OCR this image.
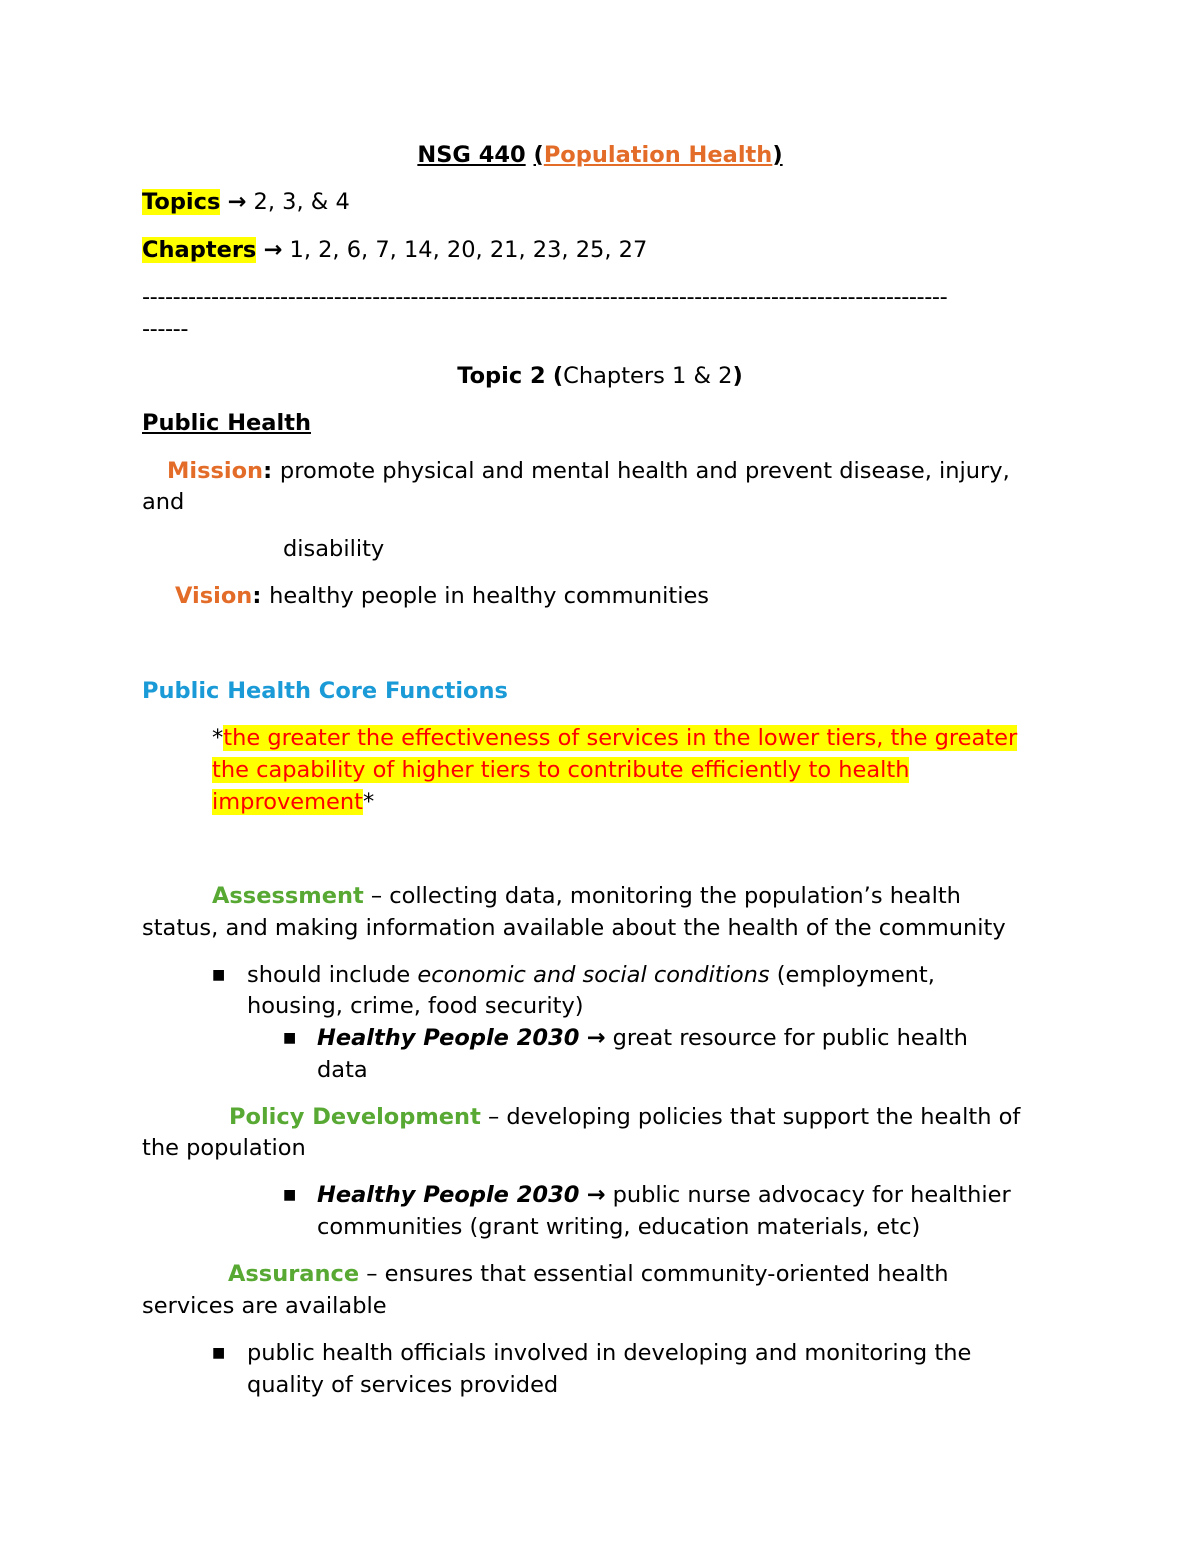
NSG 440 (Population Health)
Topics → 2, 3, & 4
Chapters → 1, 2, 6, 7, 14, 20, 21, 23, 25, 27
---------------------------------------------------------------------------------------------------------
------
Topic 2 (Chapters 1 & 2)
Public Health
Mission: promote physical and mental health and prevent disease, injury,
and
disability
Vision: healthy people in healthy communities
Public Health Core Functions
*the greater the effectiveness of services in the lower tiers, the greater
the capability of higher tiers to contribute efficiently to health
improvement*
Assessment – collecting data, monitoring the population’s health
status, and making information available about the health of the community
■ should include economic and social conditions (employment,
housing, crime, food security)
■ Healthy People 2030 → great resource for public health
data
Policy Development – developing policies that support the health of
the population
■ Healthy People 2030 → public nurse advocacy for healthier
communities (grant writing, education materials, etc)
Assurance – ensures that essential community-oriented health
services are available
■ public health officials involved in developing and monitoring the
quality of services provided
